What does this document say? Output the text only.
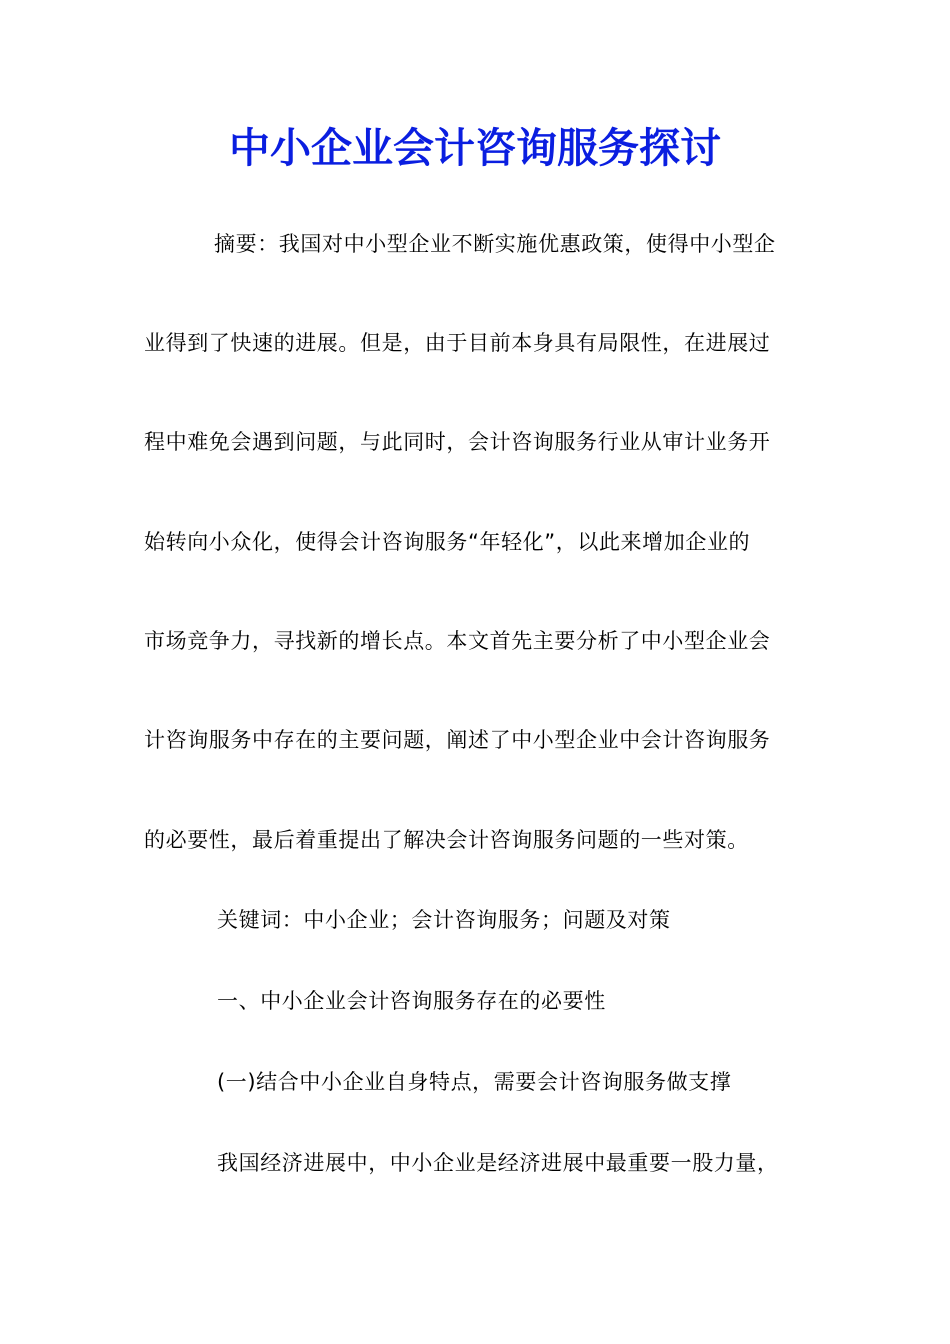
中小企业会计咨询服务探讨
摘要：我国对中小型企业不断实施优惠政策，使得中小型企
业得到了快速的进展。但是，由于目前本身具有局限性，在进展过
程中难免会遇到问题，与此同时，会计咨询服务行业从审计业务开
始转向小众化，使得会计咨询服务“年轻化”，以此来增加企业的
市场竞争力，寻找新的增长点。本文首先主要分析了中小型企业会
计咨询服务中存在的主要问题，阐述了中小型企业中会计咨询服务
的必要性，最后着重提出了解决会计咨询服务问题的一些对策。
关键词：中小企业；会计咨询服务；问题及对策
一、中小企业会计咨询服务存在的必要性
(一)结合中小企业自身特点，需要会计咨询服务做支撑
我国经济进展中，中小企业是经济进展中最重要一股力量，
